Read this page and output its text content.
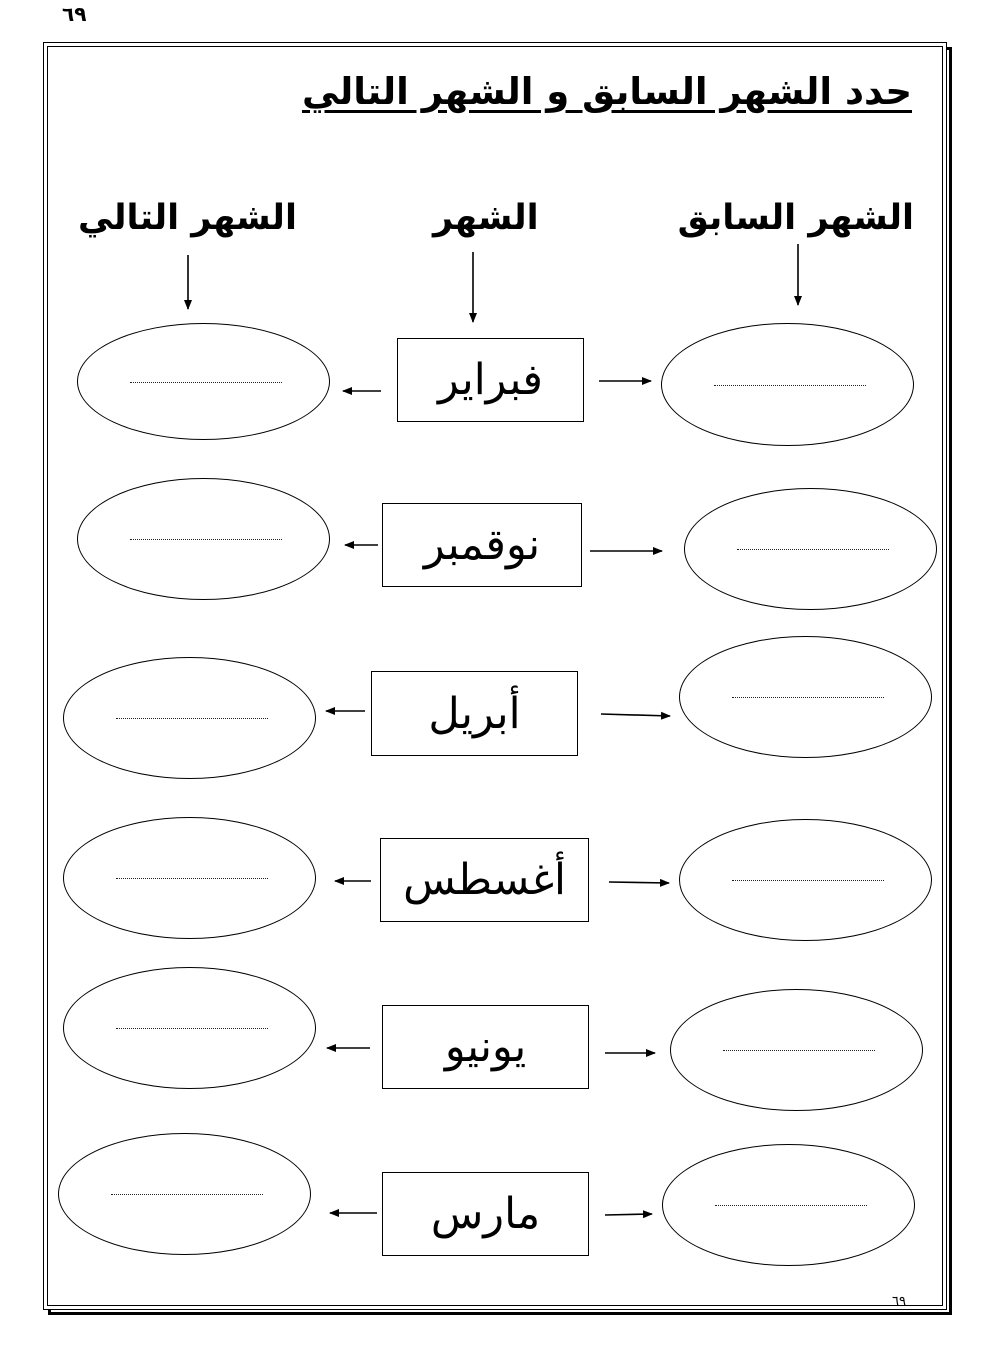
٦٩
٦٩
حدد الشهر السابق و الشهر التالي
الشهر السابق
الشهر
الشهر التالي
فبراير
نوقمبر
أبريل
أغسطس
يونيو
مارس
